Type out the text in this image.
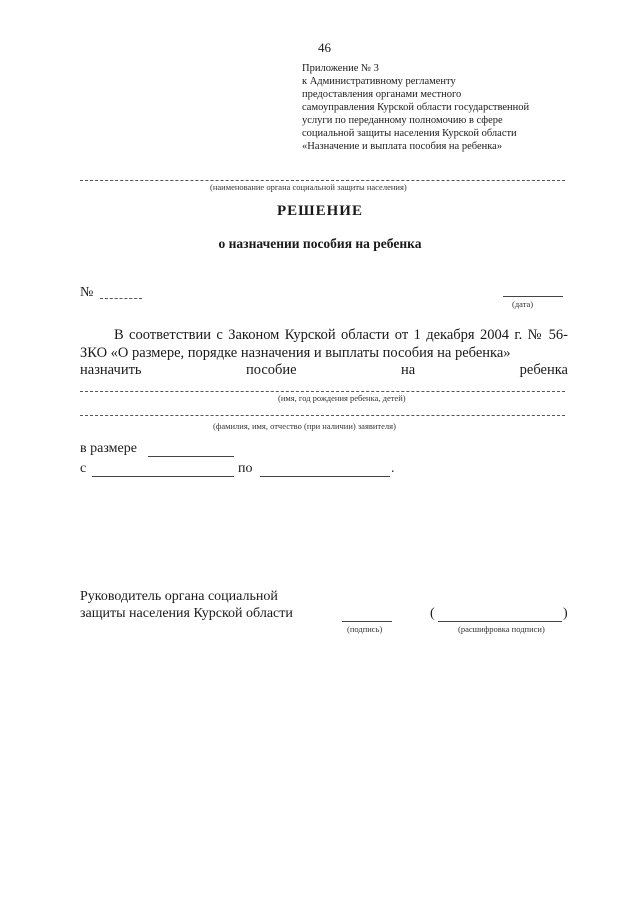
46
Приложение № 3
к Административному регламенту
предоставления органами местного
самоуправления Курской области государственной
услуги по переданному полномочию в сфере
социальной защиты населения Курской области
«Назначение и выплата пособия на ребенка»
(наименование органа социальной защиты населения)
РЕШЕНИЕ
о назначении пособия на ребенка
№
(дата)
В соответствии с Законом Курской области от 1 декабря 2004 г. № 56-ЗКО «О размере, порядке назначения и выплаты пособия на ребенка»
назначить	пособие	на	ребенка
(имя, год рождения ребенка, детей)
(фамилия, имя, отчество (при наличии) заявителя)
в размере
с	по	.
Руководитель органа социальной
защиты населения Курской области
(подпись)
(	)
(расшифровка подписи)
